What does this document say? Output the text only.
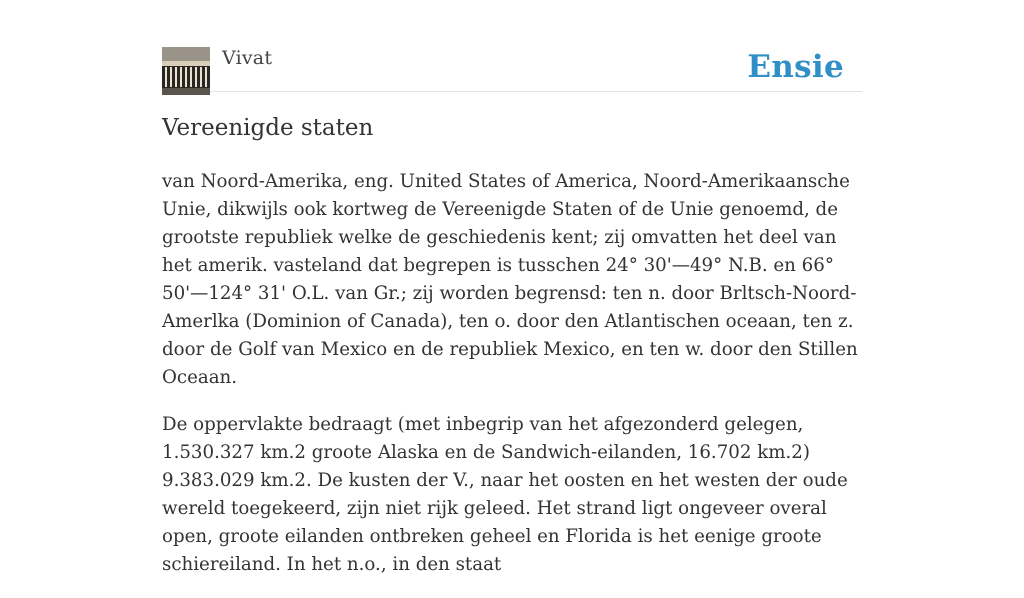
Vivat	Ensie
Vereenigde staten

van Noord-Amerika, eng. United States of America, Noord-Amerikaansche Unie, dikwijls ook kortweg de Vereenigde Staten of de Unie genoemd, de grootste republiek welke de geschiedenis kent; zij omvatten het deel van het amerik. vasteland dat begrepen is tusschen 24° 30'—49° N.B. en 66° 50'—124° 31' O.L. van Gr.; zij worden begrensd: ten n. door Brltsch-Noord-Amerlka (Dominion of Canada), ten o. door den Atlantischen oceaan, ten z. door de Golf van Mexico en de republiek Mexico, en ten w. door den Stillen Oceaan.

De oppervlakte bedraagt (met inbegrip van het afgezonderd gelegen, 1.530.327 km.2 groote Alaska en de Sandwich-eilanden, 16.702 km.2) 9.383.029 km.2. De kusten der V., naar het oosten en het westen der oude wereld toegekeerd, zijn niet rijk geleed. Het strand ligt ongeveer overal open, groote eilanden ontbreken geheel en Florida is het eenige groote schiereiland. In het n.o., in den staat
